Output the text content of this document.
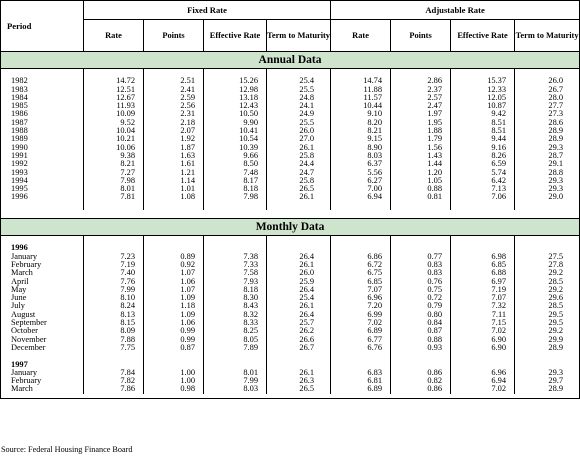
Period	Fixed Rate				Adjustable Rate			
	Rate	Points	Effective Rate	Term to Maturity	Rate	Points	Effective Rate	Term to Maturity
Annual Data								

1982	14.72	2.51	15.26	25.4	14.74	2.86	15.37	26.0
1983	12.51	2.41	12.98	25.5	11.88	2.37	12.33	26.7
1984	12.67	2.59	13.18	24.8	11.57	2.57	12.05	28.0
1985	11.93	2.56	12.43	24.1	10.44	2.47	10.87	27.7
1986	10.09	2.31	10.50	24.9	9.10	1.97	9.42	27.3
1987	9.52	2.18	9.90	25.5	8.20	1.95	8.51	28.6
1988	10.04	2.07	10.41	26.0	8.21	1.88	8.51	28.9
1989	10.21	1.92	10.54	27.0	9.15	1.79	9.44	28.9
1990	10.06	1.87	10.39	26.1	8.90	1.56	9.16	29.3
1991	9.38	1.63	9.66	25.8	8.03	1.43	8.26	28.7
1992	8.21	1.61	8.50	24.4	6.37	1.44	6.59	29.1
1993	7.27	1.21	7.48	24.7	5.56	1.20	5.74	28.8
1994	7.98	1.14	8.17	25.8	6.27	1.05	6.42	29.3
1995	8.01	1.01	8.18	26.5	7.00	0.88	7.13	29.3
1996	7.81	1.08	7.98	26.1	6.94	0.81	7.06	29.0

Monthly Data								

1996								
January	7.23	0.89	7.38	26.4	6.86	0.77	6.98	27.5
February	7.19	0.92	7.33	26.1	6.72	0.83	6.85	27.8
March	7.40	1.07	7.58	26.0	6.75	0.83	6.88	29.2
April	7.76	1.06	7.93	25.9	6.85	0.76	6.97	28.5
May	7.99	1.07	8.18	26.4	7.07	0.75	7.19	29.2
June	8.10	1.09	8.30	25.4	6.96	0.72	7.07	29.6
July	8.24	1.18	8.43	26.1	7.20	0.79	7.32	28.5
August	8.13	1.09	8.32	26.4	6.99	0.80	7.11	29.5
September	8.15	1.06	8.33	25.7	7.02	0.84	7.15	29.5
October	8.09	0.99	8.25	26.2	6.89	0.87	7.02	29.2
November	7.88	0.99	8.05	26.6	6.77	0.88	6.90	29.9
December	7.75	0.87	7.89	26.7	6.76	0.93	6.90	28.9

1997								
January	7.84	1.00	8.01	26.1	6.83	0.86	6.96	29.3
February	7.82	1.00	7.99	26.3	6.81	0.82	6.94	29.7
March	7.86	0.98	8.03	26.5	6.89	0.86	7.02	28.9

Source: Federal Housing Finance Board
